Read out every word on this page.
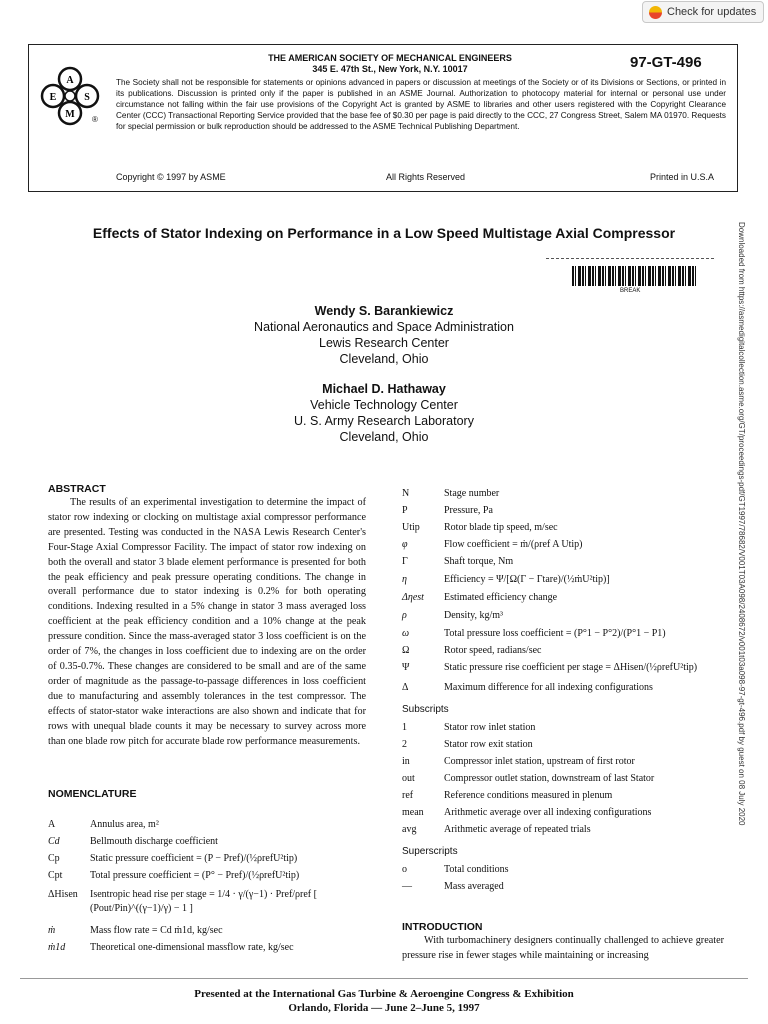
Check for updates
A
E	S
M ®
THE AMERICAN SOCIETY OF MECHANICAL ENGINEERS
345 E. 47th St., New York, N.Y. 10017	97-GT-496
The Society shall not be responsible for statements or opinions advanced in papers or discussion at meetings of the Society or of its Divisions or Sections, or printed in its publications. Discussion is printed only if the paper is published in an ASME Journal. Authorization to photocopy material for internal or personal use under circumstance not falling within the fair use provisions of the Copyright Act is granted by ASME to libraries and other users registered with the Copyright Clearance Center (CCC) Transactional Reporting Service provided that the base fee of $0.30 per page is paid directly to the CCC, 27 Congress Street, Salem MA 01970. Requests for special permission or bulk reproduction should be addressed to the ASME Technical Publishing Department.
Copyright © 1997 by ASME	All Rights Reserved	Printed in U.S.A
Effects of Stator Indexing on Performance in a Low Speed Multistage Axial Compressor
BREAK
Wendy S. Barankiewicz
National Aeronautics and Space Administration
Lewis Research Center
Cleveland, Ohio
Michael D. Hathaway
Vehicle Technology Center
U. S. Army Research Laboratory
Cleveland, Ohio
ABSTRACT
The results of an experimental investigation to determine the impact of stator row indexing or clocking on multistage axial compressor performance are presented. Testing was conducted in the NASA Lewis Research Center's Four-Stage Axial Compressor Facility. The impact of stator row indexing on both the overall and stator 3 blade element performance is presented for both the peak efficiency and peak pressure operating conditions. The change in overall performance due to stator indexing is 0.2% for both operating conditions. Indexing resulted in a 5% change in stator 3 mass averaged loss coefficient at the peak efficiency condition and a 10% change at the peak pressure condition. Since the mass-averaged stator 3 loss coefficient is on the order of 7%, the changes in loss coefficient due to indexing are on the order of 0.35-0.7%. These changes are considered to be small and are of the same order of magnitude as the passage-to-passage differences in loss coefficient due to manufacturing and assembly tolerances in the test compressor. The effects of stator-stator wake interactions are also shown and indicate that for rows with unequal blade counts it may be necessary to survey across more than one blade row pitch for accurate blade row performance measurements.
NOMENCLATURE
A	Annulus area, m²
Cd	Bellmouth discharge coefficient
Cp	Static pressure coefficient = (P − Pref)/(½ρrefU²tip)
Cpt	Total pressure coefficient = (P° − Pref)/(½ρrefU²tip)
ΔHisen	Isentropic head rise per stage = 1/4 · γ/(γ−1) · Pref/ρref [ (Pout/Pin)^((γ−1)/γ) − 1 ]
ṁ	Mass flow rate = Cd ṁ1d, kg/sec
ṁ1d	Theoretical one-dimensional massflow rate, kg/sec
N	Stage number
P	Pressure, Pa
Utip	Rotor blade tip speed, m/sec
φ	Flow coefficient = ṁ/(ρref A Utip)
Γ	Shaft torque, Nm
η	Efficiency = Ψ/[Ω(Γ − Γtare)/(½ṁU²tip)]
Δηest	Estimated efficiency change
ρ	Density, kg/m³
ω	Total pressure loss coefficient = (P°1 − P°2)/(P°1 − P1)
Ω	Rotor speed, radians/sec
Ψ	Static pressure rise coefficient per stage = ΔHisen/(½ρrefU²tip)
Δ	Maximum difference for all indexing configurations
Subscripts
1	Stator row inlet station
2	Stator row exit station
in	Compressor inlet station, upstream of first rotor
out	Compressor outlet station, downstream of last Stator
ref	Reference conditions measured in plenum
mean	Arithmetic average over all indexing configurations
avg	Arithmetic average of repeated trials
Superscripts
o	Total conditions
—	Mass averaged
INTRODUCTION
With turbomachinery designers continually challenged to achieve greater pressure rise in fewer stages while maintaining or increasing
Downloaded from https://asmedigitalcollection.asme.org/GT/proceedings-pdf/GT1997/78682/V001T03A098/2408672/v001t03a098-97-gt-496.pdf by guest on 08 July 2020
Presented at the International Gas Turbine & Aeroengine Congress & Exhibition
Orlando, Florida — June 2–June 5, 1997
